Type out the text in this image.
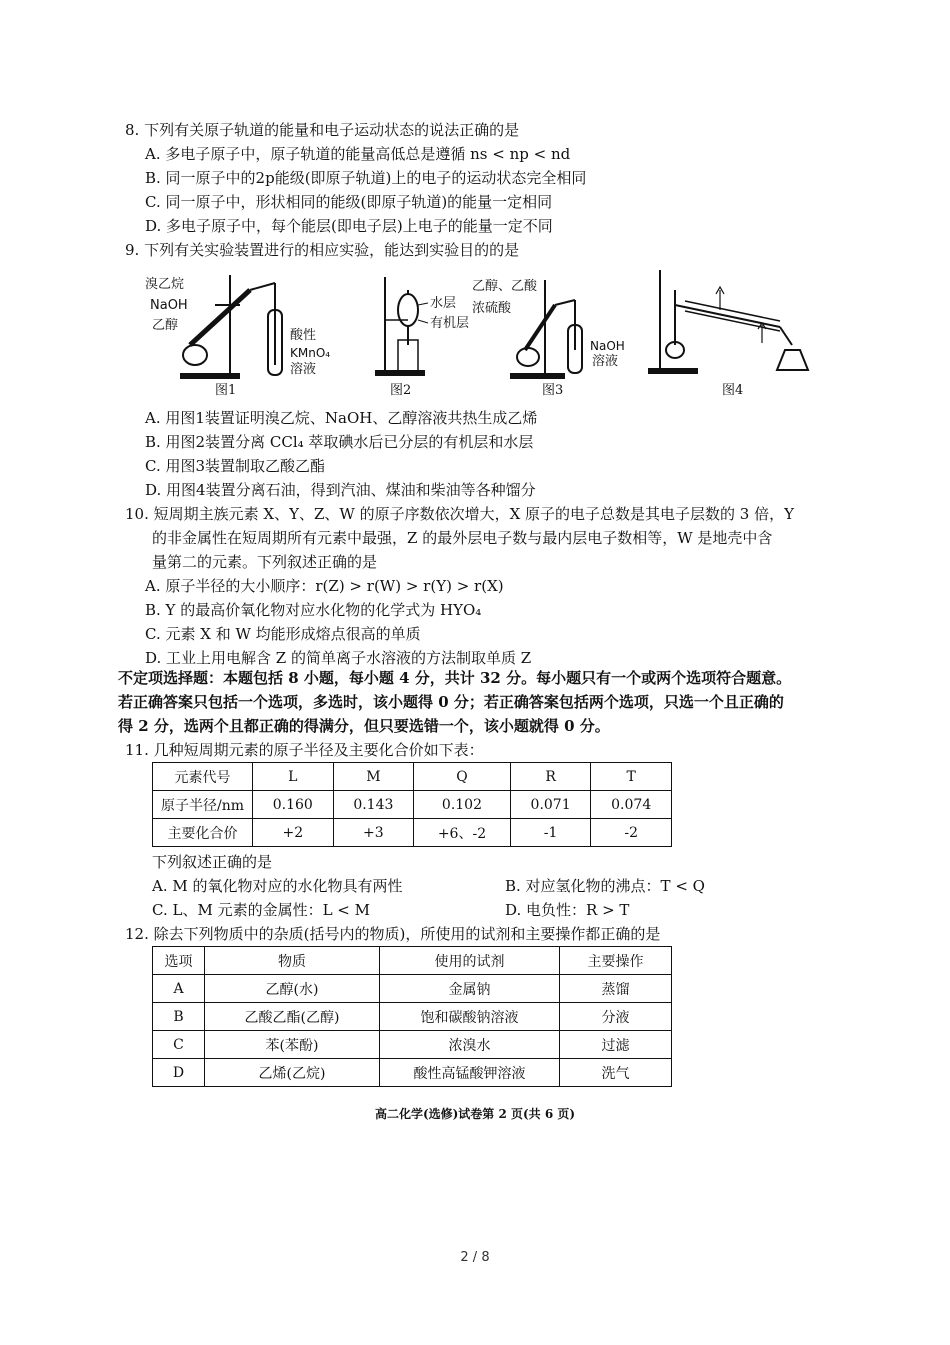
8. 下列有关原子轨道的能量和电子运动状态的说法正确的是
A. 多电子原子中，原子轨道的能量高低总是遵循 ns < np < nd
B. 同一原子中的2p能级(即原子轨道)上的电子的运动状态完全相同
C. 同一原子中，形状相同的能级(即原子轨道)的能量一定相同
D. 多电子原子中，每个能层(即电子层)上电子的能量一定不同
9. 下列有关实验装置进行的相应实验，能达到实验目的的是
溴乙烷
NaOH
乙醇
酸性
KMnO₄
溶液
图1
水层
有机层
图2
乙醇、乙酸
浓硫酸
NaOH
溶液
图3	图4
A. 用图1装置证明溴乙烷、NaOH、乙醇溶液共热生成乙烯
B. 用图2装置分离 CCl₄ 萃取碘水后已分层的有机层和水层
C. 用图3装置制取乙酸乙酯
D. 用图4装置分离石油，得到汽油、煤油和柴油等各种馏分
10. 短周期主族元素 X、Y、Z、W 的原子序数依次增大，X 原子的电子总数是其电子层数的 3 倍，Y
的非金属性在短周期所有元素中最强，Z 的最外层电子数与最内层电子数相等，W 是地壳中含
量第二的元素。下列叙述正确的是
A. 原子半径的大小顺序：r(Z) > r(W) > r(Y) > r(X)
B. Y 的最高价氧化物对应水化物的化学式为 HYO₄
C. 元素 X 和 W 均能形成熔点很高的单质
D. 工业上用电解含 Z 的简单离子水溶液的方法制取单质 Z
不定项选择题：本题包括 8 小题，每小题 4 分，共计 32 分。每小题只有一个或两个选项符合题意。
若正确答案只包括一个选项，多选时，该小题得 0 分；若正确答案包括两个选项，只选一个且正确的
得 2 分，选两个且都正确的得满分，但只要选错一个，该小题就得 0 分。
11. 几种短周期元素的原子半径及主要化合价如下表：
元素代号	L	M	Q	R	T
原子半径/nm	0.160	0.143	0.102	0.071	0.074
主要化合价	+2	+3	+6、-2	-1	-2
下列叙述正确的是
A. M 的氧化物对应的水化物具有两性	B. 对应氢化物的沸点：T < Q
C. L、M 元素的金属性：L < M	D. 电负性：R > T
12. 除去下列物质中的杂质(括号内的物质)，所使用的试剂和主要操作都正确的是
选项	物质	使用的试剂	主要操作
A	乙醇(水)	金属钠	蒸馏
B	乙酸乙酯(乙醇)	饱和碳酸钠溶液	分液
C	苯(苯酚)	浓溴水	过滤
D	乙烯(乙烷)	酸性高锰酸钾溶液	洗气
高二化学(选修)试卷第 2 页(共 6 页)
2 / 8
